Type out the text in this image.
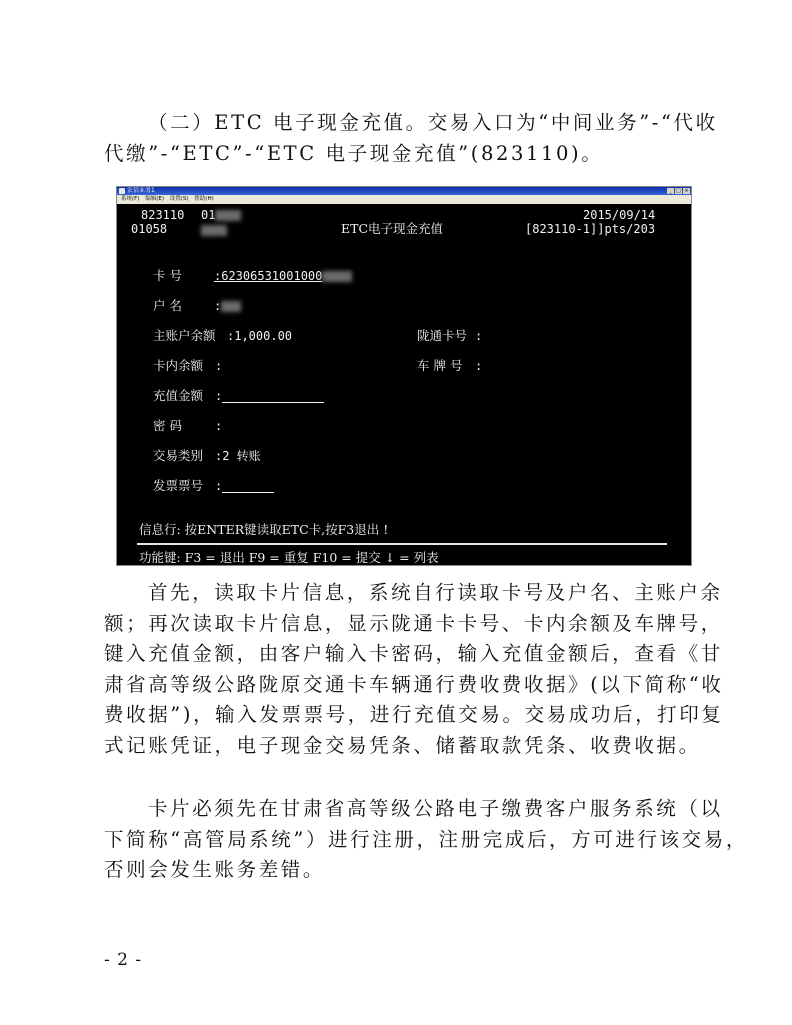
（二）ETC 电子现金充值。交易入口为“中间业务”-“代收
代缴”-“ETC”-“ETC 电子现金充值”(823110)。
农信业务1	_ □ ×
系统(F) 编辑(E) 设置(S) 帮助(H)
823110 01
01058	ETC电子现金充值
2015/09/14
[823110-1]]pts/203
卡 号	:62306531001000
户 名	:
主账户余额 :1,000.00	陇通卡号 :
卡内余额 :	车 牌 号 :
充值金额 :
密 码	:
交易类别 :2 转账
发票票号 :
信息行: 按ENTER键读取ETC卡,按F3退出 !
功能键: F3 = 退出 F9 = 重复 F10 = 提交 ↓ = 列表
首先，读取卡片信息，系统自行读取卡号及户名、主账户余
额；再次读取卡片信息，显示陇通卡卡号、卡内余额及车牌号，
键入充值金额，由客户输入卡密码，输入充值金额后，查看《甘
肃省高等级公路陇原交通卡车辆通行费收费收据》(以下简称“收
费收据”)，输入发票票号，进行充值交易。交易成功后，打印复
式记账凭证，电子现金交易凭条、储蓄取款凭条、收费收据。
卡片必须先在甘肃省高等级公路电子缴费客户服务系统（以
下简称“高管局系统”）进行注册，注册完成后，方可进行该交易，
否则会发生账务差错。
- 2 -
